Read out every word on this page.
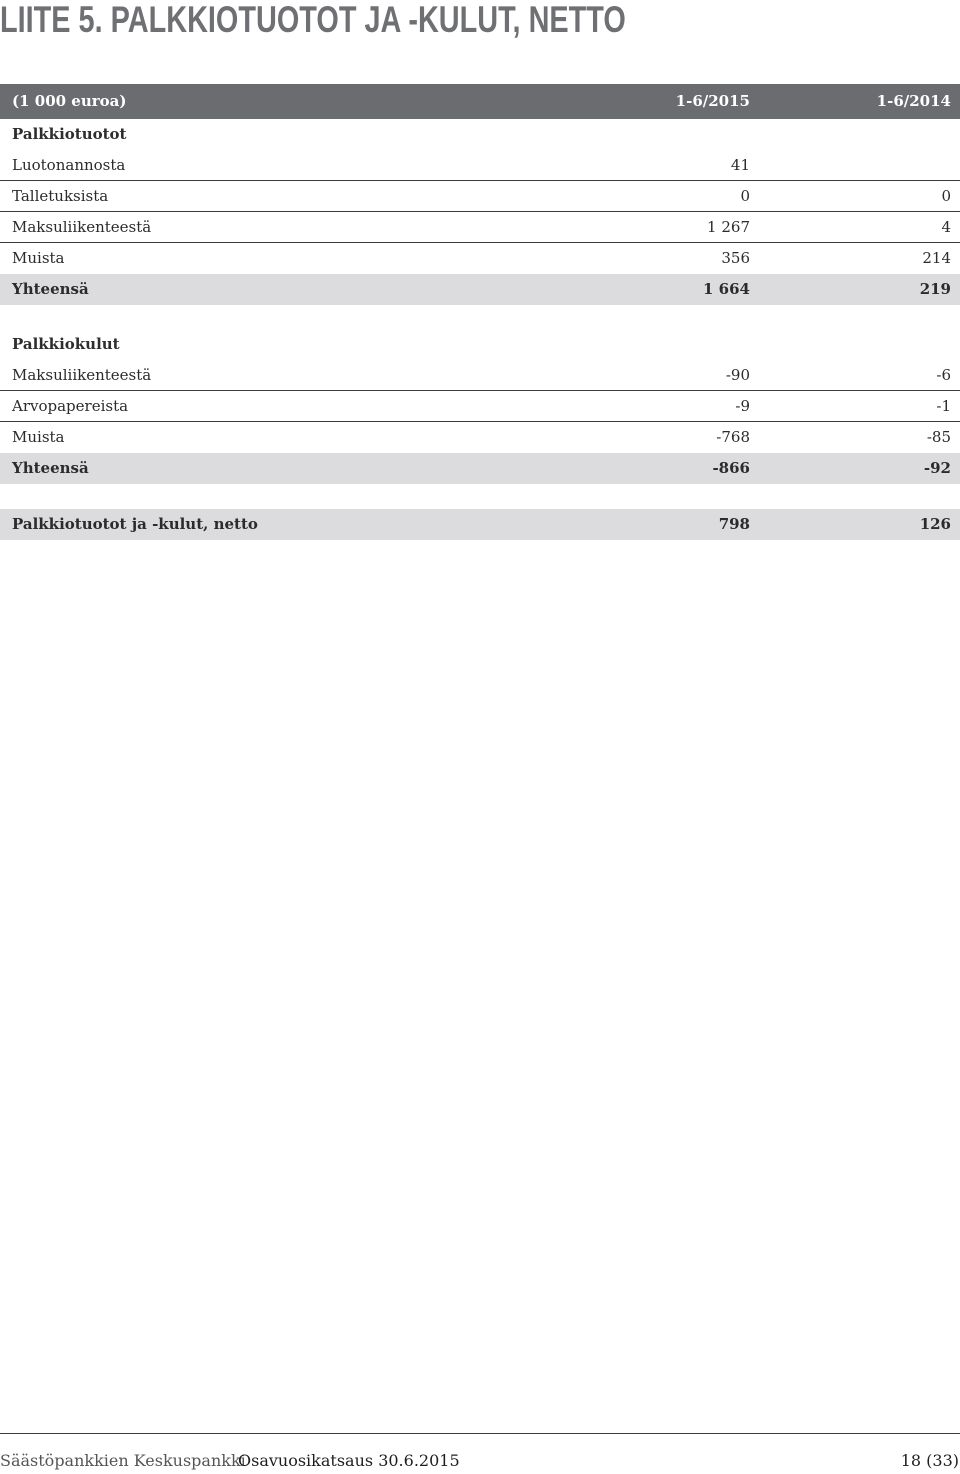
LIITE 5. PALKKIOTUOTOT JA -KULUT, NETTO
(1 000 euroa)	1-6/2015	1-6/2014
Palkkiotuotot
Luotonannosta	41
Talletuksista	0	0
Maksuliikenteestä	1 267	4
Muista	356	214
Yhteensä	1 664	219
Palkkiokulut
Maksuliikenteestä	-90	-6
Arvopapereista	-9	-1
Muista	-768	-85
Yhteensä	-866	-92
Palkkiotuotot ja -kulut, netto	798	126
Säästöpankkien Keskuspankki
Osavuosikatsaus 30.6.2015	18 (33)
